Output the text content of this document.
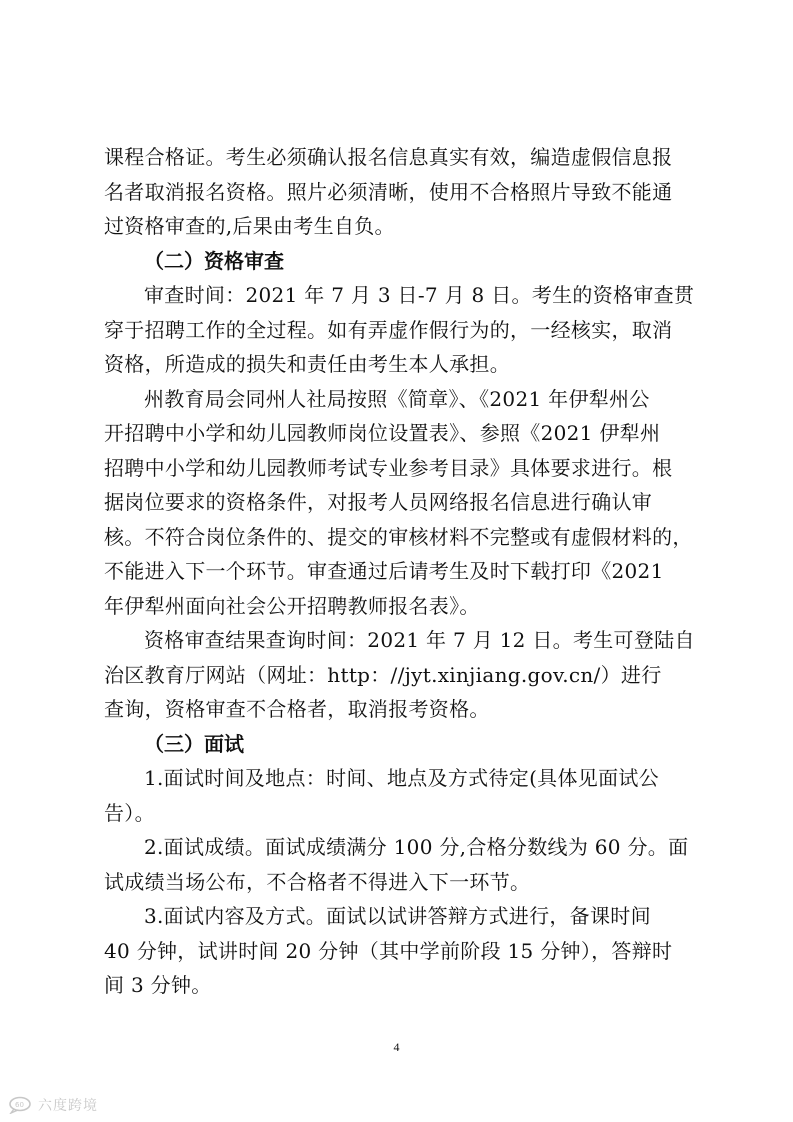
课程合格证。考生必须确认报名信息真实有效，编造虚假信息报
名者取消报名资格。照片必须清晰，使用不合格照片导致不能通
过资格审查的,后果由考生自负。

（二）资格审查

审查时间：2021 年 7 月 3 日-7 月 8 日。考生的资格审查贯
穿于招聘工作的全过程。如有弄虚作假行为的，一经核实，取消
资格，所造成的损失和责任由考生本人承担。

州教育局会同州人社局按照《简章》、《2021 年伊犁州公
开招聘中小学和幼儿园教师岗位设置表》、参照《2021 伊犁州
招聘中小学和幼儿园教师考试专业参考目录》具体要求进行。根
据岗位要求的资格条件，对报考人员网络报名信息进行确认审
核。不符合岗位条件的、提交的审核材料不完整或有虚假材料的，
不能进入下一个环节。审查通过后请考生及时下载打印《2021
年伊犁州面向社会公开招聘教师报名表》。

资格审查结果查询时间：2021 年 7 月 12 日。考生可登陆自
治区教育厅网站（网址：http：//jyt.xinjiang.gov.cn/）进行
查询，资格审查不合格者，取消报考资格。

（三）面试

1.面试时间及地点：时间、地点及方式待定(具体见面试公
告）。

2.面试成绩。面试成绩满分 100 分,合格分数线为 60 分。面
试成绩当场公布，不合格者不得进入下一环节。

3.面试内容及方式。面试以试讲答辩方式进行，备课时间
40 分钟，试讲时间 20 分钟（其中学前阶段 15 分钟），答辩时
间 3 分钟。

4
60 六度跨境
